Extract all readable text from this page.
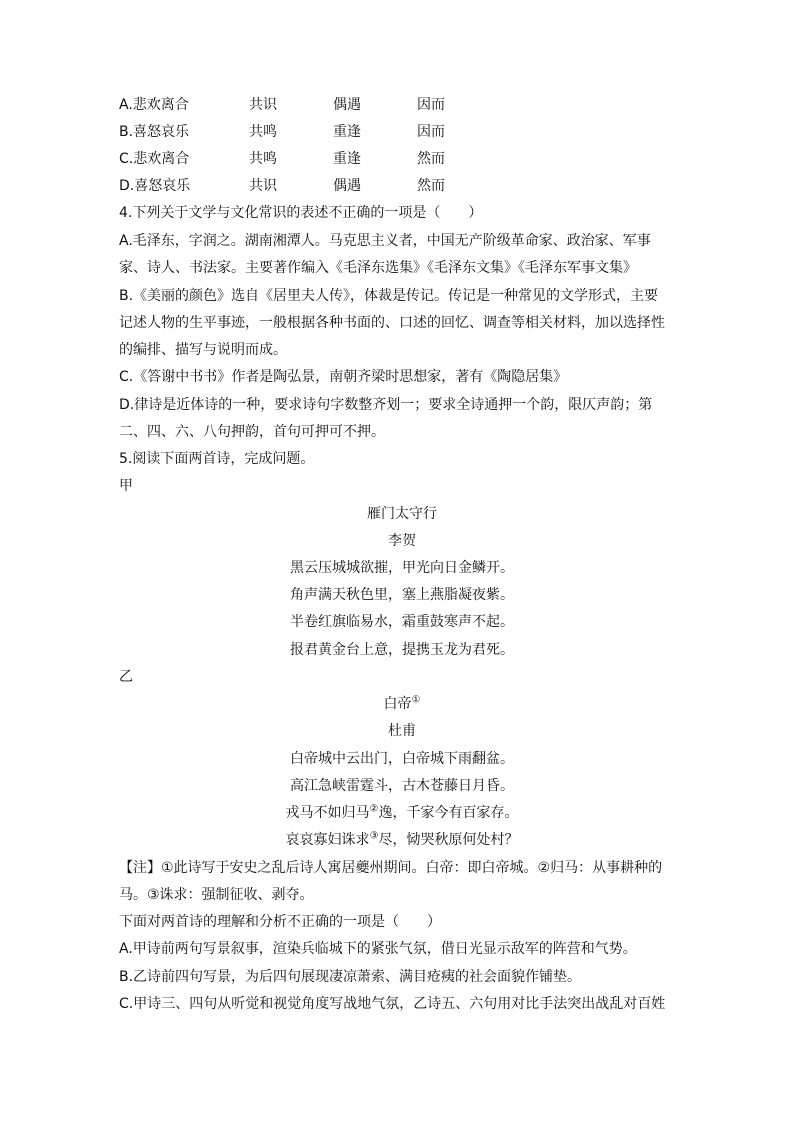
A.悲欢离合	共识	偶遇	因而
B.喜怒哀乐	共鸣	重逢	因而
C.悲欢离合	共鸣	重逢	然而
D.喜怒哀乐	共识	偶遇	然而
4.下列关于文学与文化常识的表述不正确的一项是（　　）
A.毛泽东，字润之。湖南湘潭人。马克思主义者，中国无产阶级革命家、政治家、军事
家、诗人、书法家。主要著作编入《毛泽东选集》《毛泽东文集》《毛泽东军事文集》
B.《美丽的颜色》选自《居里夫人传》，体裁是传记。传记是一种常见的文学形式，主要
记述人物的生平事迹，一般根据各种书面的、口述的回忆、调查等相关材料，加以选择性
的编排、描写与说明而成。
C.《答谢中书书》作者是陶弘景，南朝齐梁时思想家，著有《陶隐居集》
D.律诗是近体诗的一种，要求诗句字数整齐划一；要求全诗通押一个韵，限仄声韵；第
二、四、六、八句押韵，首句可押可不押。
5.阅读下面两首诗，完成问题。
甲
雁门太守行
李贺
黑云压城城欲摧，甲光向日金鳞开。
角声满天秋色里，塞上燕脂凝夜紫。
半卷红旗临易水，霜重鼓寒声不起。
报君黄金台上意，提携玉龙为君死。
乙
白帝①
杜甫
白帝城中云出门，白帝城下雨翻盆。
高江急峡雷霆斗，古木苍藤日月昏。
戎马不如归马②逸，千家今有百家存。
哀哀寡妇诛求③尽，恸哭秋原何处村？
【注】①此诗写于安史之乱后诗人寓居夔州期间。白帝：即白帝城。②归马：从事耕种的
马。③诛求：强制征收、剥夺。
下面对两首诗的理解和分析不正确的一项是（　　）
A.甲诗前两句写景叙事，渲染兵临城下的紧张气氛，借日光显示敌军的阵营和气势。
B.乙诗前四句写景，为后四句展现凄凉萧索、满目疮痍的社会面貌作铺垫。
C.甲诗三、四句从听觉和视觉角度写战地气氛，乙诗五、六句用对比手法突出战乱对百姓
